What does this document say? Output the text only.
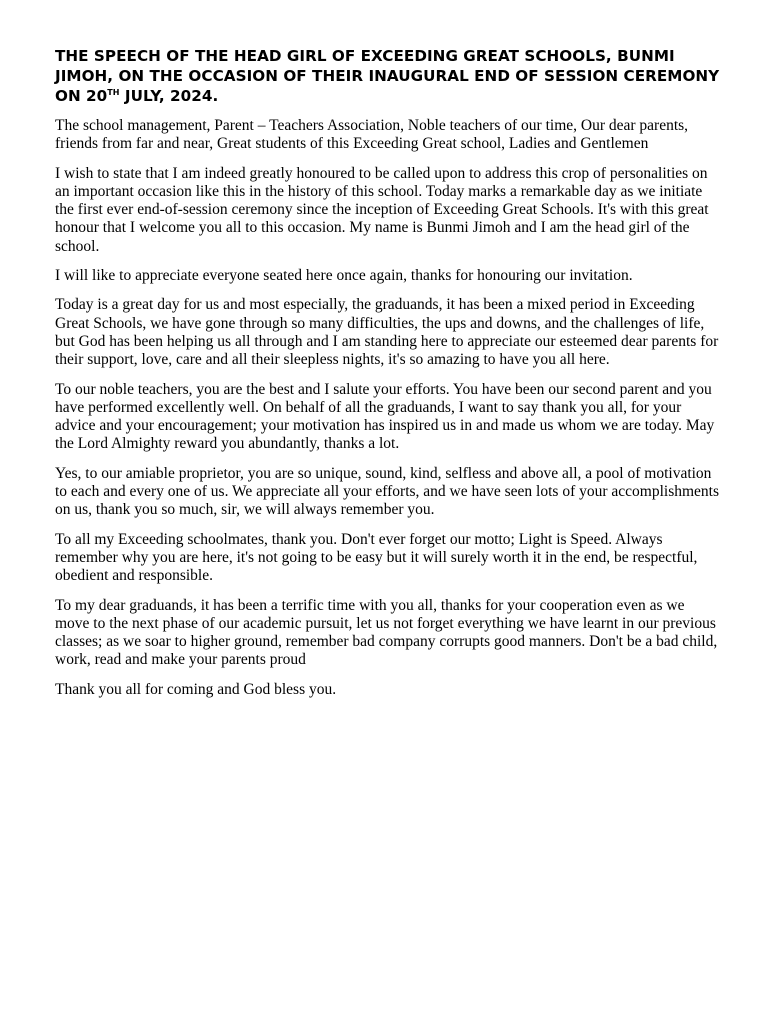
THE SPEECH OF THE HEAD GIRL OF EXCEEDING GREAT SCHOOLS, BUNMI JIMOH, ON THE OCCASION OF THEIR INAUGURAL END OF SESSION CEREMONY ON 20TH JULY, 2024.

The school management, Parent – Teachers Association, Noble teachers of our time, Our dear parents, friends from far and near, Great students of this Exceeding Great school, Ladies and Gentlemen

I wish to state that I am indeed greatly honoured to be called upon to address this crop of personalities on an important occasion like this in the history of this school. Today marks a remarkable day as we initiate the first ever end-of-session ceremony since the inception of Exceeding Great Schools. It's with this great honour that I welcome you all to this occasion. My name is Bunmi Jimoh and I am the head girl of the school.

I will like to appreciate everyone seated here once again, thanks for honouring our invitation.

Today is a great day for us and most especially, the graduands, it has been a mixed period in Exceeding Great Schools, we have gone through so many difficulties, the ups and downs, and the challenges of life, but God has been helping us all through and I am standing here to appreciate our esteemed dear parents for their support, love, care and all their sleepless nights, it's so amazing to have you all here.

To our noble teachers, you are the best and I salute your efforts. You have been our second parent and you have performed excellently well. On behalf of all the graduands, I want to say thank you all, for your advice and your encouragement; your motivation has inspired us in and made us whom we are today. May the Lord Almighty reward you abundantly, thanks a lot.

Yes, to our amiable proprietor, you are so unique, sound, kind, selfless and above all, a pool of motivation to each and every one of us. We appreciate all your efforts, and we have seen lots of your accomplishments on us, thank you so much, sir, we will always remember you.

To all my Exceeding schoolmates, thank you. Don't ever forget our motto; Light is Speed. Always remember why you are here, it's not going to be easy but it will surely worth it in the end, be respectful, obedient and responsible.

To my dear graduands, it has been a terrific time with you all, thanks for your cooperation even as we move to the next phase of our academic pursuit, let us not forget everything we have learnt in our previous classes; as we soar to higher ground, remember bad company corrupts good manners. Don't be a bad child, work, read and make your parents proud

Thank you all for coming and God bless you.
